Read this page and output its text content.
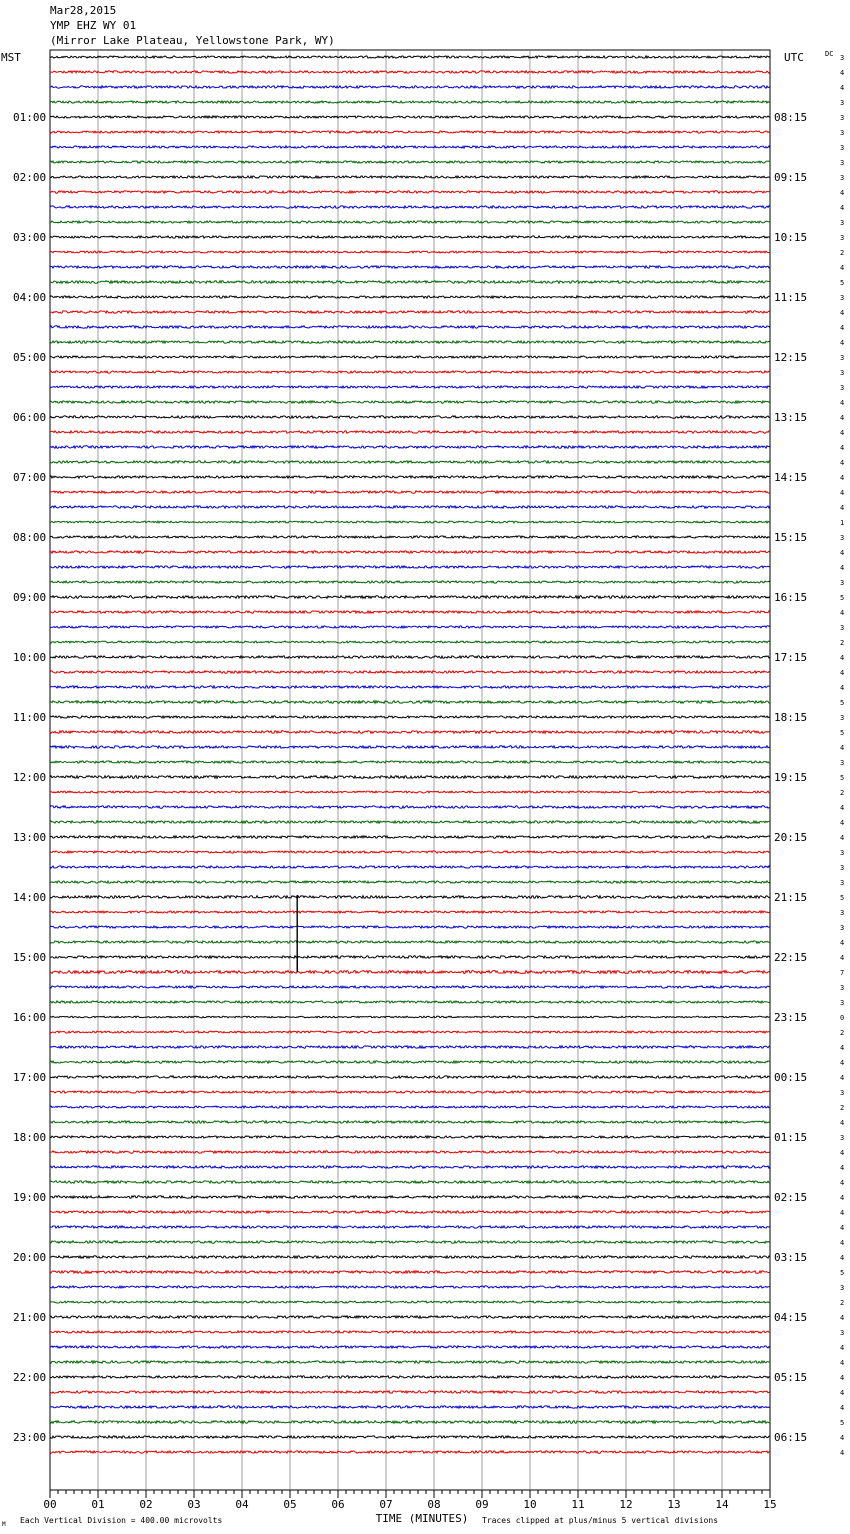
Mar28,2015
YMP EHZ WY 01
(Mirror Lake Plateau, Yellowstone Park, WY)
MST	UTC	DC
01:00
02:00
03:00
04:00
05:00
06:00
07:00
08:00
09:00
10:00
11:00
12:00
13:00
14:00
15:00
16:00
17:00
18:00
19:00
20:00
21:00
22:00
23:00
08:15
09:15
10:15
11:15
12:15
13:15
14:15
15:15
16:15
17:15
18:15
19:15
20:15
21:15
22:15
23:15
00:15
01:15
02:15
03:15
04:15
05:15
06:15
3
4
4
3
3
3
3
3
3
4
4
3
3
2
4
5
3
4
4
4
3
3
3
4
4
4
4
4
4
4
4
1
3
4
4
3
5
4
3
2
4
4
4
5
3
5
4
3
5
2
4
4
4
3
3
3
5
3
3
4
4
7
3
3
0
2
4
4
4
3
2
4
3
4
4
4
4
4
4
4
4
5
3
2
4
3
4
4
4
4
4
5
4
4
00	01	02	03	04	05	06	07	08	09	10	11	12	13	14	15
TIME (MINUTES)
Each Vertical Division = 400.00 microvolts	Traces clipped at plus/minus 5 vertical divisions
M
